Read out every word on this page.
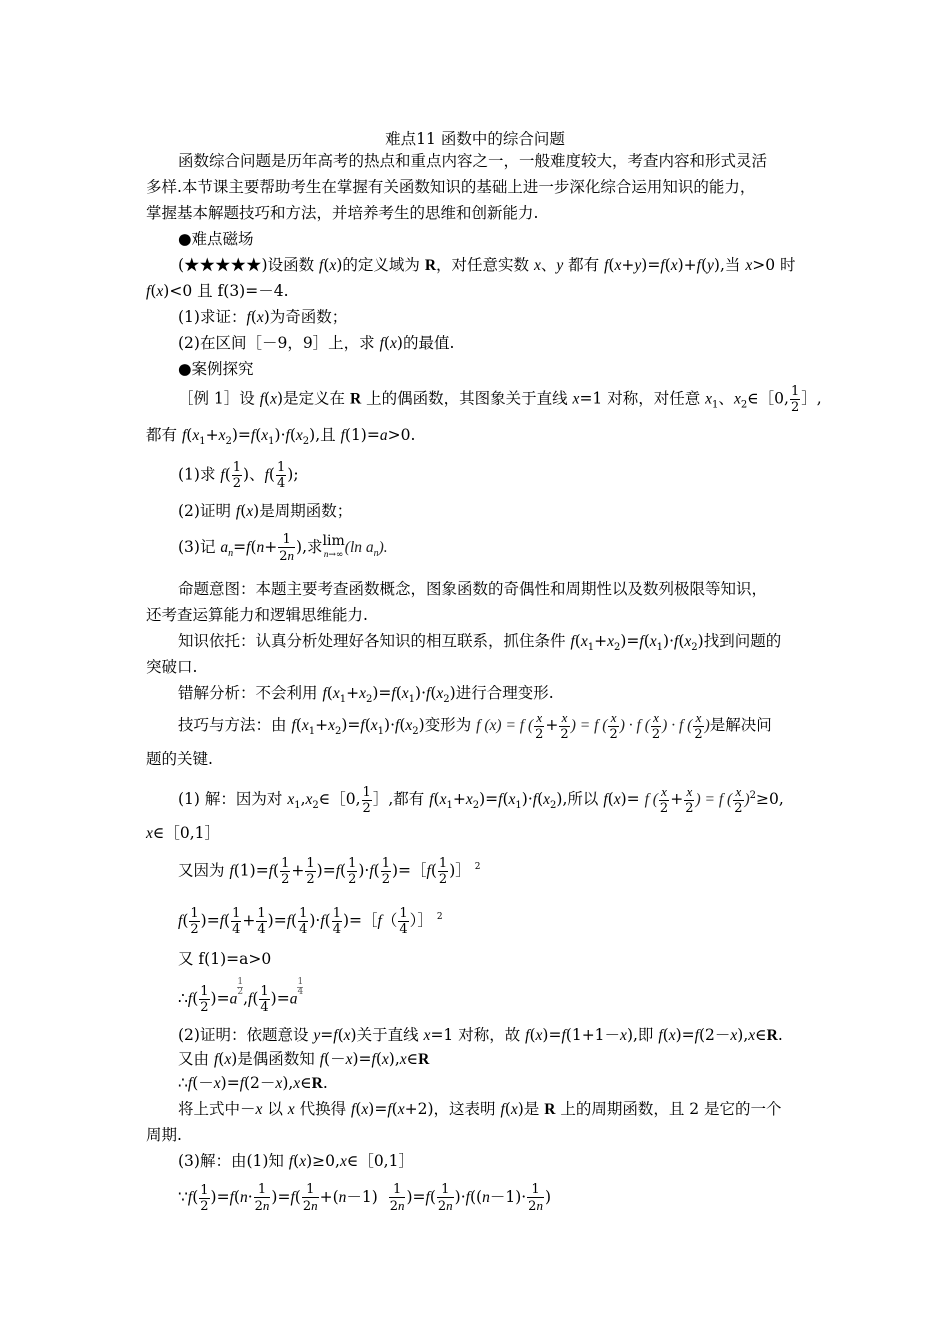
难点11 函数中的综合问题
函数综合问题是历年高考的热点和重点内容之一，一般难度较大，考查内容和形式灵活
多样.本节课主要帮助考生在掌握有关函数知识的基础上进一步深化综合运用知识的能力，
掌握基本解题技巧和方法，并培养考生的思维和创新能力.
●难点磁场
(★★★★★)设函数 f(x)的定义域为 R，对任意实数 x、y 都有 f(x+y)=f(x)+f(y),当 x>0 时
f(x)<0 且 f(3)=－4.
(1)求证：f(x)为奇函数；
(2)在区间［－9，9］上，求 f(x)的最值.
●案例探究
［例 1］设 f(x)是定义在 R 上的偶函数，其图象关于直线 x=1 对称，对任意 $x_1$、$x_2\in[0$, $\frac{1}{2}$ ］,
都有 $f(x_1+x_2)=f(x_1)\cdot f(x_2)$,且 f(1)=a>0.
(1)求 $f( \frac{1}{2}$ )、$f( \frac{1}{4}$ );
(2)证明 f(x)是周期函数；
(3)记 $a_n=f(n+ \frac{1}{2n}$ ),求 lim
n→∞ (ln $a_n$).
命题意图：本题主要考查函数概念，图象函数的奇偶性和周期性以及数列极限等知识，
还考查运算能力和逻辑思维能力.
知识依托：认真分析处理好各知识的相互联系，抓住条件 $f(x_1+x_2)=f(x_1)\cdot f(x_2)$找到问题的
突破口.
错解分析：不会利用 $f(x_1+x_2)=f(x_1)\cdot f(x_2)$进行合理变形.
技巧与方法：由 $f(x_1+x_2)=f(x_1)\cdot f(x_2)$变形为 f (x) = f ( $\frac{x}{2} + \frac{x}{2}$ ) = f ( $\frac{x}{2}$ ) · f ( $\frac{x}{2}$ ) · f ( $\frac{x}{2}$ )是解决问
题的关键.
(1) 解：因为对 $x_1,x_2\in[0$, $\frac{1}{2}$ ］,都有 $f(x_1+x_2)=f(x_1)\cdot f(x_2)$,所以 f(x)= f ( $\frac{x}{2} + \frac{x}{2}$ ) = f ( $\frac{x}{2} )^2\ge 0$,
x∈［0,1］
又因为 $f(1)=f( \frac{1}{2} + \frac{1}{2} )=f( \frac{1}{2} )\cdot f( \frac{1}{2}$ )=［f( $\frac{1}{2}$ )］ $^2$
$f( \frac{1}{2} )=f( \frac{1}{4} + \frac{1}{4} )=f( \frac{1}{4} )\cdot f( \frac{1}{4}$ )=［f（ $\frac{1}{4}$ ）］ $^2$
又 f(1)=a>0
∴f( $\frac{1}{2} )=a$
$\frac{1}{2}$
$,f( \frac{1}{4} )=a$
$\frac{1}{4}$
(2)证明：依题意设 y=f(x)关于直线 x=1 对称，故 f(x)=f(1+1－x),即 f(x)=f(2－x),x∈R.
又由 f(x)是偶函数知 f(－x)=f(x),x∈R
∴f(－x)=f(2－x),x∈R.
将上式中－x 以 x 代换得 f(x)=f(x+2)，这表明 f(x)是 R 上的周期函数，且 2 是它的一个
周期.
(3)解：由(1)知 f(x)≥0,x∈［0,1］
∵f( $\frac{1}{2} )=f(n\cdot \frac{1}{2n} )=f( \frac{1}{2n} +(n-1) \frac{1}{2n} )=f( \frac{1}{2n} )\cdot f((n-1)\cdot \frac{1}{2n}$ )
